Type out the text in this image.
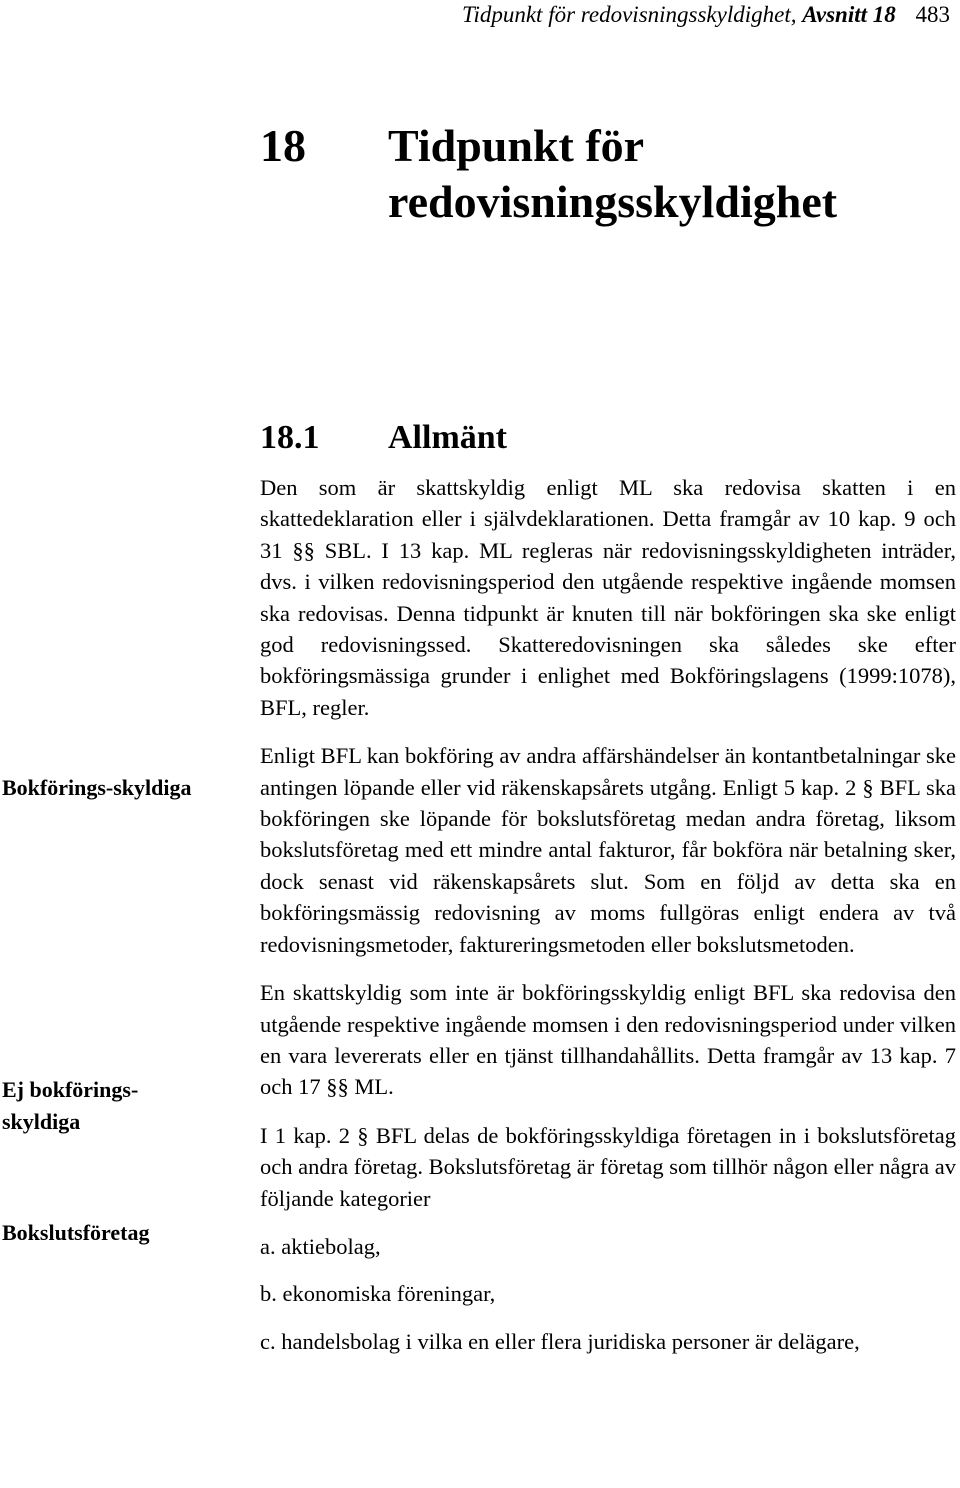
Tidpunkt för redovisningsskyldighet, Avsnitt 18 483
18	Tidpunkt för redovisningsskyldighet
18.1	Allmänt
Bokförings-skyldiga
Ej bokförings-skyldiga
Bokslutsföretag

Den som är skattskyldig enligt ML ska redovisa skatten i en skattedeklaration eller i självdeklarationen. Detta framgår av 10 kap. 9 och 31 §§ SBL. I 13 kap. ML regleras när redovisningsskyldigheten inträder, dvs. i vilken redovisningsperiod den utgående respektive ingående momsen ska redovisas. Denna tidpunkt är knuten till när bokföringen ska ske enligt god redovisningssed. Skatteredovisningen ska således ske efter bokföringsmässiga grunder i enlighet med Bokföringslagens (1999:1078), BFL, regler.

Enligt BFL kan bokföring av andra affärshändelser än kontantbetalningar ske antingen löpande eller vid räkenskapsårets utgång. Enligt 5 kap. 2 § BFL ska bokföringen ske löpande för bokslutsföretag medan andra företag, liksom bokslutsföretag med ett mindre antal fakturor, får bokföra när betalning sker, dock senast vid räkenskapsårets slut. Som en följd av detta ska en bokföringsmässig redovisning av moms fullgöras enligt endera av två redovisningsmetoder, faktureringsmetoden eller bokslutsmetoden.

En skattskyldig som inte är bokföringsskyldig enligt BFL ska redovisa den utgående respektive ingående momsen i den redovisningsperiod under vilken en vara levererats eller en tjänst tillhandahållits. Detta framgår av 13 kap. 7 och 17 §§ ML.

I 1 kap. 2 § BFL delas de bokföringsskyldiga företagen in i bokslutsföretag och andra företag. Bokslutsföretag är företag som tillhör någon eller några av följande kategorier

a. aktiebolag,
b. ekonomiska föreningar,
c. handelsbolag i vilka en eller flera juridiska personer är delägare,
